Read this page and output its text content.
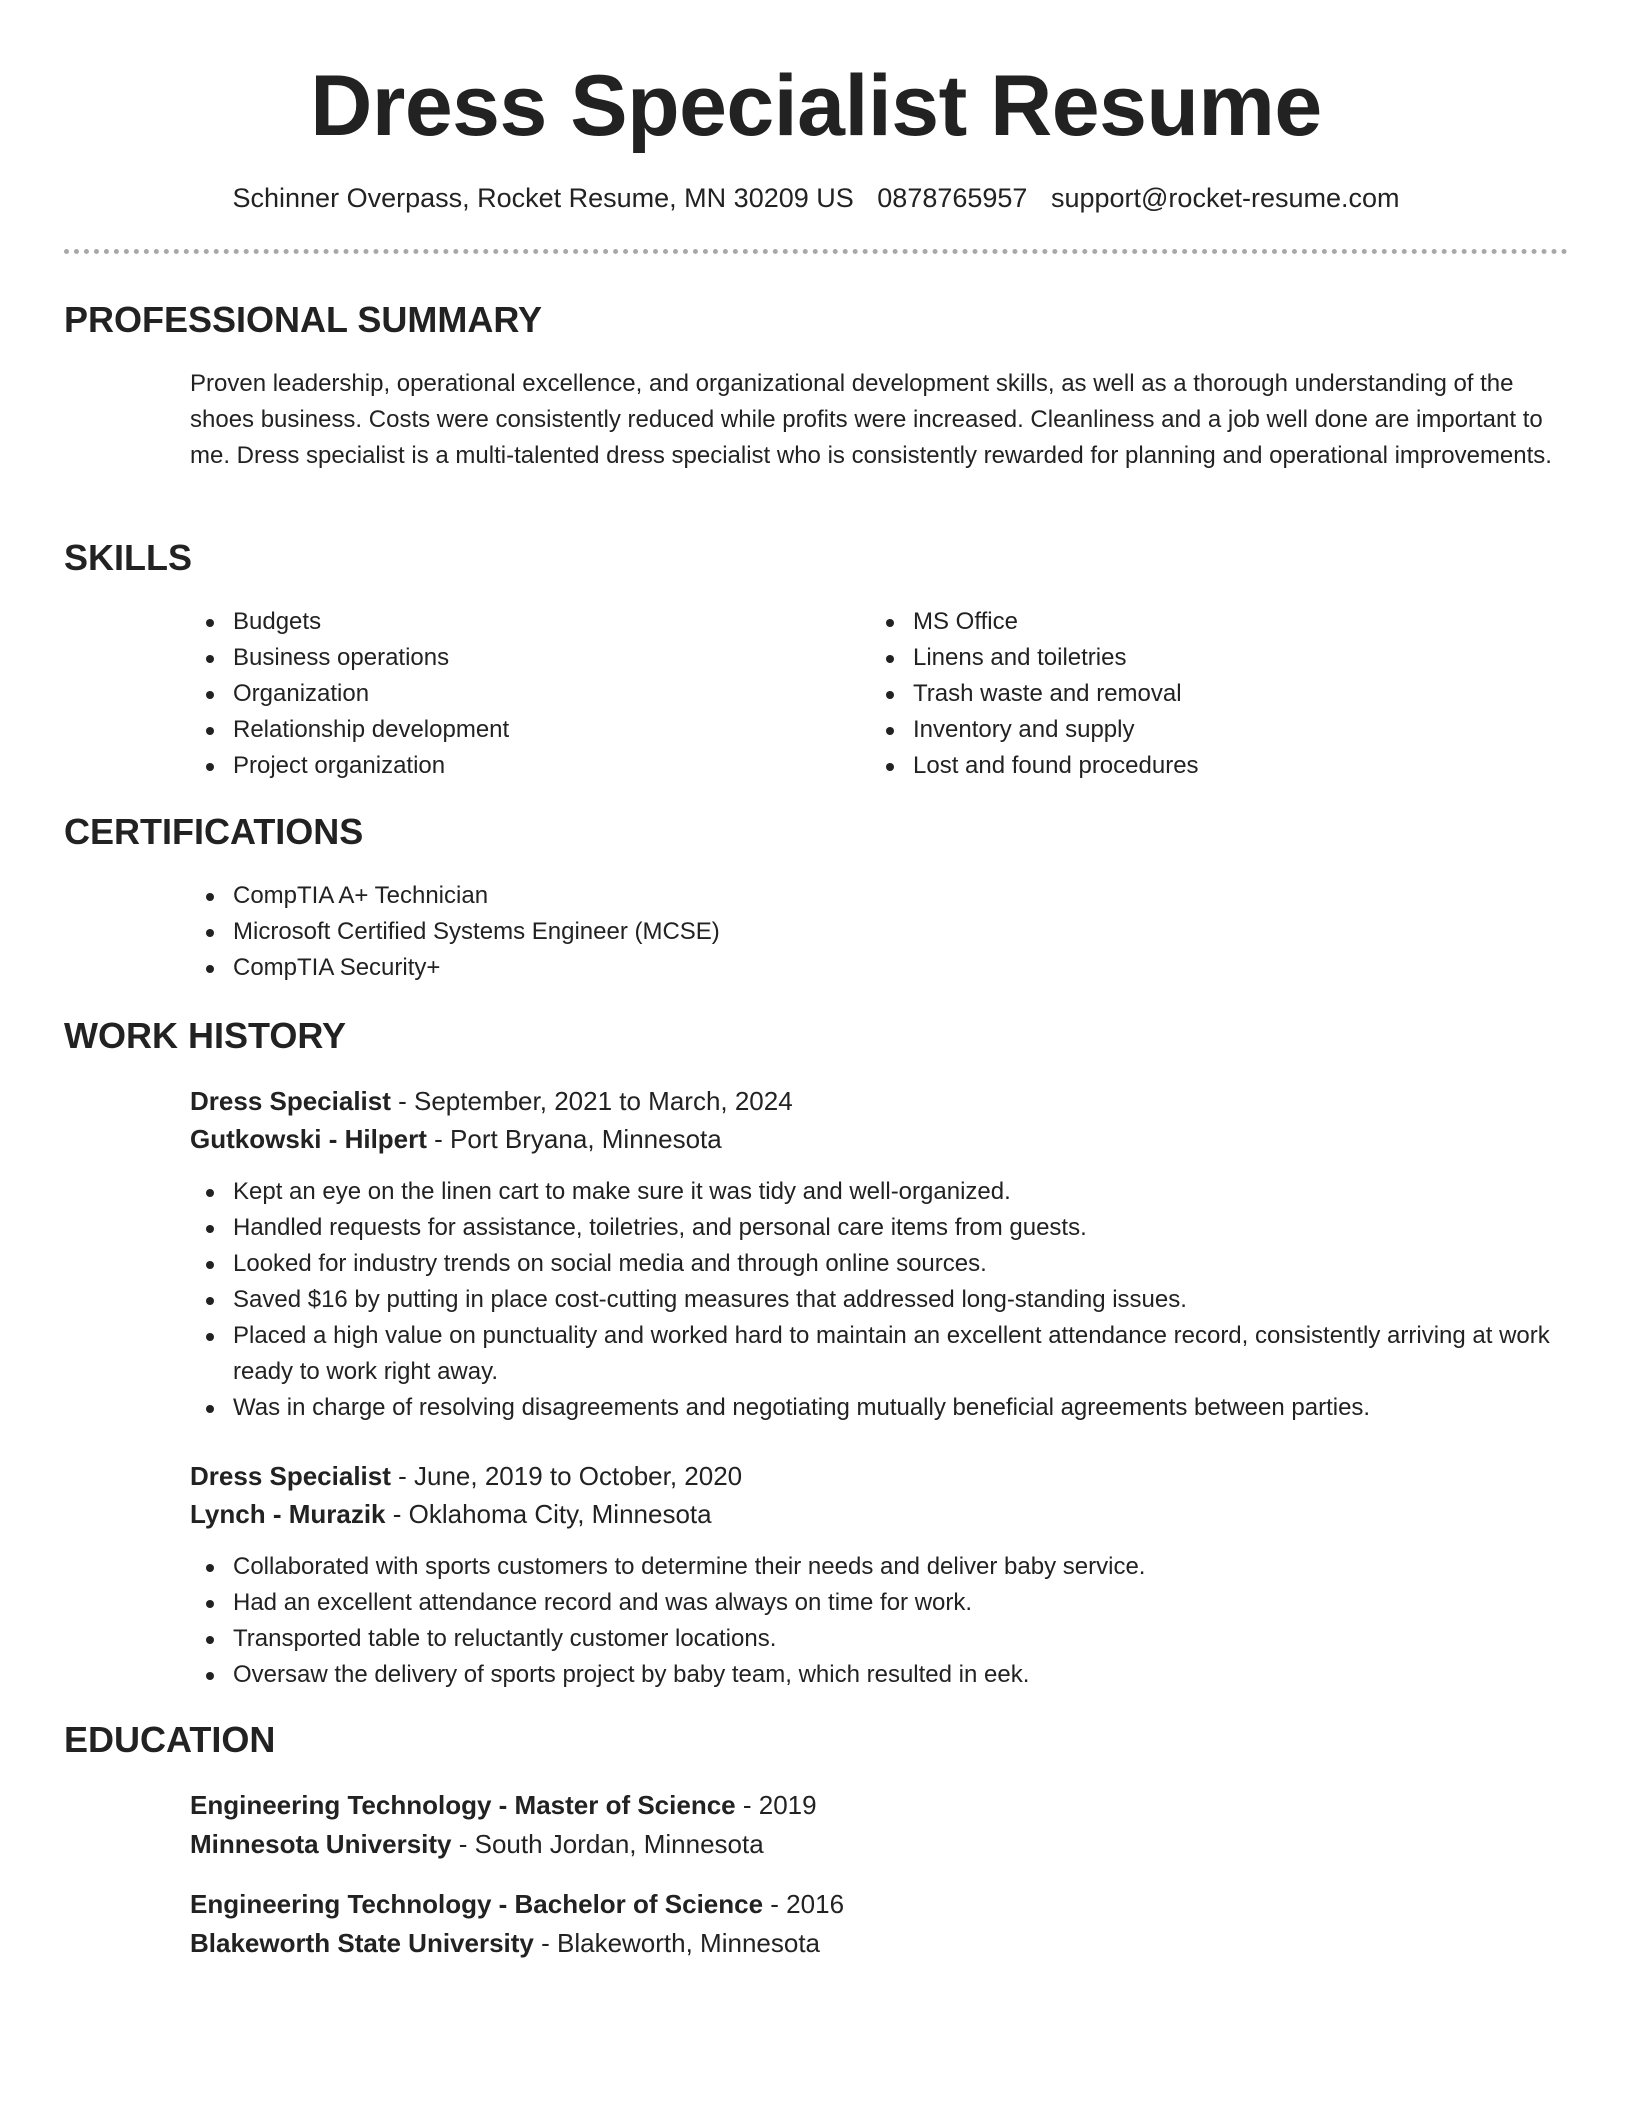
Dress Specialist Resume
Schinner Overpass, Rocket Resume, MN 30209 US 0878765957 support@rocket-resume.com
PROFESSIONAL SUMMARY

Proven leadership, operational excellence, and organizational development skills, as well as a thorough understanding of the shoes business. Costs were consistently reduced while profits were increased. Cleanliness and a job well done are important to me. Dress specialist is a multi-talented dress specialist who is consistently rewarded for planning and operational improvements.

SKILLS
Budgets
Business operations
Organization
Relationship development
Project organization
MS Office
Linens and toiletries
Trash waste and removal
Inventory and supply
Lost and found procedures
CERTIFICATIONS
CompTIA A+ Technician
Microsoft Certified Systems Engineer (MCSE)
CompTIA Security+
WORK HISTORY
Dress Specialist - September, 2021 to March, 2024
Gutkowski - Hilpert - Port Bryana, Minnesota
Kept an eye on the linen cart to make sure it was tidy and well-organized.
Handled requests for assistance, toiletries, and personal care items from guests.
Looked for industry trends on social media and through online sources.
Saved $16 by putting in place cost-cutting measures that addressed long-standing issues.
Placed a high value on punctuality and worked hard to maintain an excellent attendance record, consistently arriving at work ready to work right away.
Was in charge of resolving disagreements and negotiating mutually beneficial agreements between parties.
Dress Specialist - June, 2019 to October, 2020
Lynch - Murazik - Oklahoma City, Minnesota
Collaborated with sports customers to determine their needs and deliver baby service.
Had an excellent attendance record and was always on time for work.
Transported table to reluctantly customer locations.
Oversaw the delivery of sports project by baby team, which resulted in eek.
EDUCATION
Engineering Technology - Master of Science - 2019
Minnesota University - South Jordan, Minnesota
Engineering Technology - Bachelor of Science - 2016
Blakeworth State University - Blakeworth, Minnesota
